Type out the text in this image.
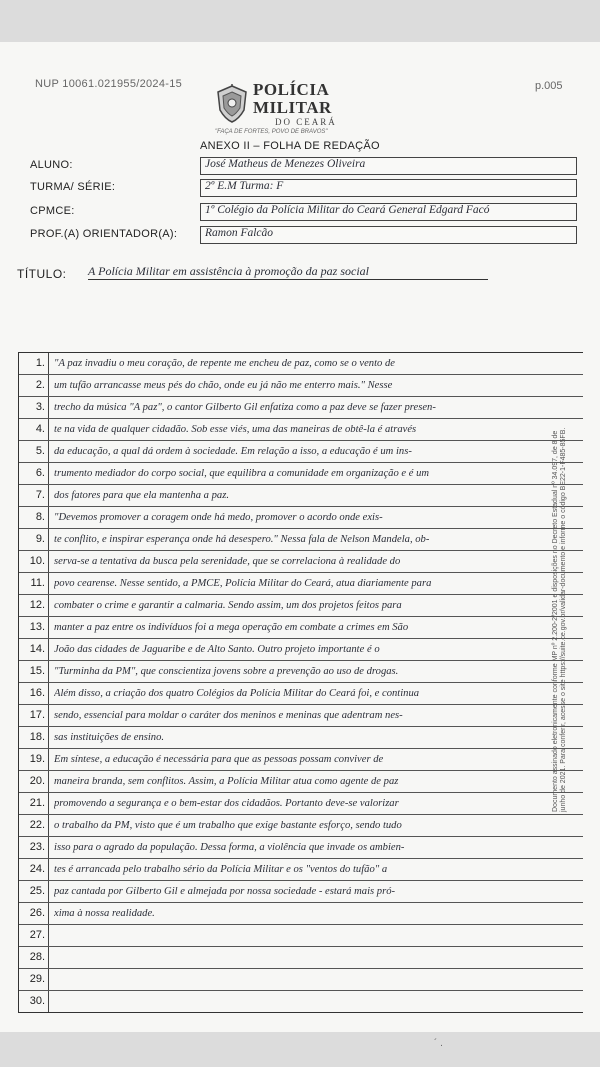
NUP 10061.021955/2024-15	p.005
POLÍCIA
MILITAR
DO CEARÁ
"FAÇA DE FORTES, POVO DE BRAVOS"
ANEXO II – FOLHA DE REDAÇÃO
ALUNO:	José Matheus de Menezes Oliveira
TURMA/ SÉRIE:	2º E.M Turma: F
CPMCE:	1º Colégio da Polícia Militar do Ceará General Edgard Facó
PROF.(A) ORIENTADOR(A): Ramon Falcão
TÍTULO: A Polícia Militar em assistência à promoção da paz social
1. "A paz invadiu o meu coração, de repente me encheu de paz, como se o vento de
2. um tufão arrancasse meus pés do chão, onde eu já não me enterro mais." Nesse
3. trecho da música "A paz", o cantor Gilberto Gil enfatiza como a paz deve se fazer presen-
4. te na vida de qualquer cidadão. Sob esse viés, uma das maneiras de obtê-la é através
5. da educação, a qual dá ordem à sociedade. Em relação a isso, a educação é um ins-
6. trumento mediador do corpo social, que equilibra a comunidade em organização e é um
7. dos fatores para que ela mantenha a paz.
8. "Devemos promover a coragem onde há medo, promover o acordo onde exis-
9. te conflito, e inspirar esperança onde há desespero." Nessa fala de Nelson Mandela, ob-
10. serva-se a tentativa da busca pela serenidade, que se correlaciona à realidade do
11. povo cearense. Nesse sentido, a PMCE, Polícia Militar do Ceará, atua diariamente para
12. combater o crime e garantir a calmaria. Sendo assim, um dos projetos feitos para
13. manter a paz entre os indivíduos foi a mega operação em combate a crimes em São
14. João das cidades de Jaguaribe e de Alto Santo. Outro projeto importante é o
15. "Turminha da PM", que conscientiza jovens sobre a prevenção ao uso de drogas.
16. Além disso, a criação dos quatro Colégios da Polícia Militar do Ceará foi, e continua
17. sendo, essencial para moldar o caráter dos meninos e meninas que adentram nes-
18. sas instituições de ensino.
19. Em síntese, a educação é necessária para que as pessoas possam conviver de
20. maneira branda, sem conflitos. Assim, a Polícia Militar atua como agente de paz
21. promovendo a segurança e o bem-estar dos cidadãos. Portanto deve-se valorizar
22. o trabalho da PM, visto que é um trabalho que exige bastante esforço, sendo tudo
23. isso para o agrado da população. Dessa forma, a violência que invade os ambien-
24. tes é arrancada pelo trabalho sério da Polícia Militar e os "ventos do tufão" a
25. paz cantada por Gilberto Gil e almejada por nossa sociedade - estará mais pró-
26. xima à nossa realidade.
27.
28.
29.
30.
Documento assinado eletronicamente conforme MP nº 2.200-2/2001 e disposições no Decreto Estadual nº 34.097, de 8 de junho de 2021. Para conferir, acesse o site https://suite.ce.gov.br/validar-documento e informe o código BE22-1-F485-85FB.
´ .
